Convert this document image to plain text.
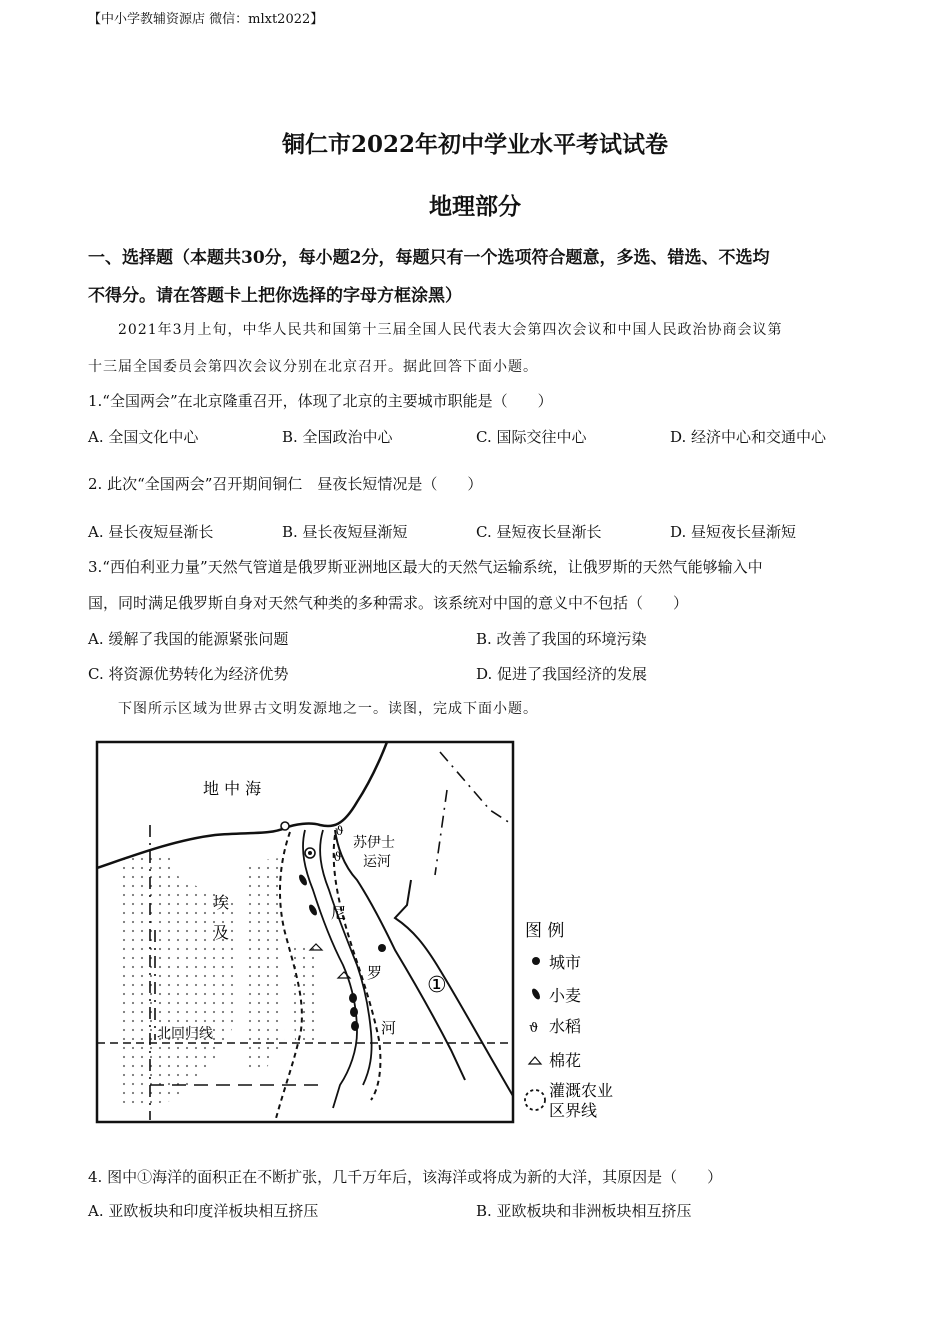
【中小学教辅资源店 微信：mlxt2022】
铜仁市2022年初中学业水平考试试卷
地理部分
一、选择题（本题共30分，每小题2分，每题只有一个选项符合题意，多选、错选、不选均
不得分。请在答题卡上把你选择的字母方框涂黑）
2021年3月上旬，中华人民共和国第十三届全国人民代表大会第四次会议和中国人民政治协商会议第
十三届全国委员会第四次会议分别在北京召开。据此回答下面小题。
1.“全国两会”在北京隆重召开，体现了北京的主要城市职能是（　　）
A. 全国文化中心	B. 全国政治中心	C. 国际交往中心	D. 经济中心和交通中心
2. 此次“全国两会”召开期间铜仁　昼夜长短情况是（　　）
A. 昼长夜短昼渐长	B. 昼长夜短昼渐短	C. 昼短夜长昼渐长	D. 昼短夜长昼渐短
3.“西伯利亚力量”天然气管道是俄罗斯亚洲地区最大的天然气运输系统，让俄罗斯的天然气能够输入中
国，同时满足俄罗斯自身对天然气种类的多种需求。该系统对中国的意义中不包括（　　）
A. 缓解了我国的能源紧张问题	B. 改善了我国的环境污染
C. 将资源优势转化为经济优势	D. 促进了我国经济的发展
下图所示区域为世界古文明发源地之一。读图，完成下面小题。
ϑ
ϑ
地 中 海
苏伊士
运河
埃
及
尼
罗
河
北回归线
①
图 例
城市
小麦
ϑ 水稻
棉花
灌溉农业
区界线
4. 图中①海洋的面积正在不断扩张，几千万年后，该海洋或将成为新的大洋，其原因是（　　）
A. 亚欧板块和印度洋板块相互挤压	B. 亚欧板块和非洲板块相互挤压
